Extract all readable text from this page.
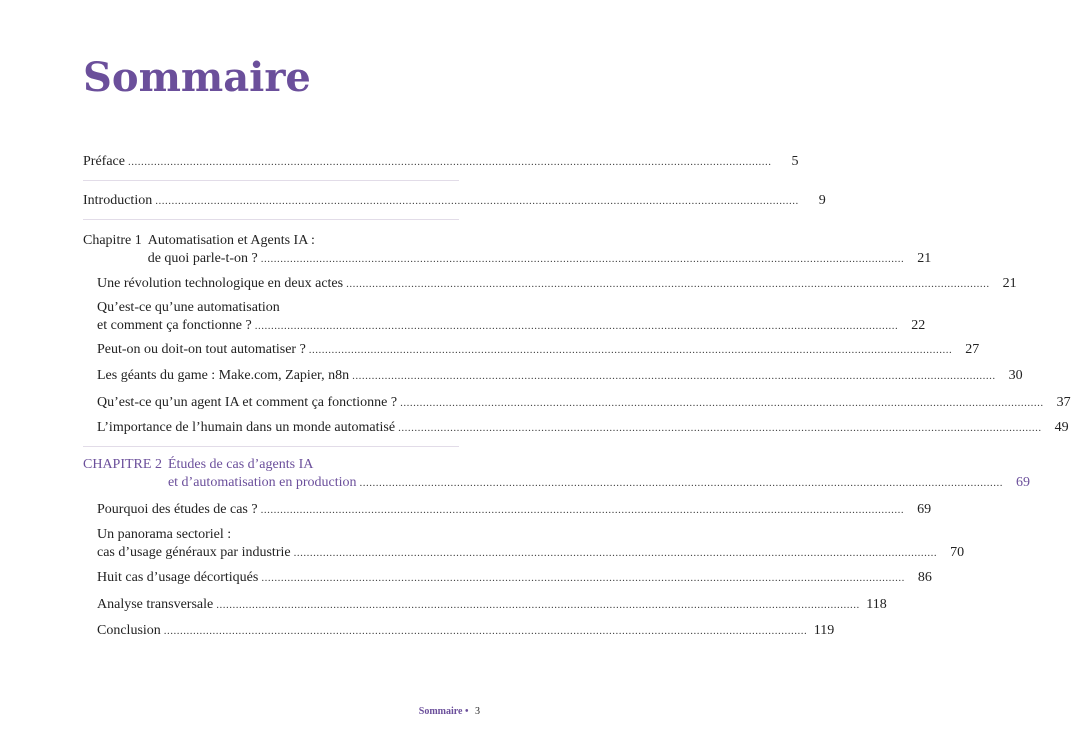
Sommaire
Préface .....	5
Introduction .....	9
Chapitre 1 Automatisation et Agents IA :
de quoi parle-t-on ? .....	21
Une révolution technologique en deux actes .....	21
Qu’est-ce qu’une automatisation
et comment ça fonctionne ? .....	22
Peut-on ou doit-on tout automatiser ? .....	27
Les géants du game : Make.com, Zapier, n8n .....	30
Qu’est-ce qu’un agent IA et comment ça fonctionne ? .....	37
L’importance de l’humain dans un monde automatisé .....	49
CHAPITRE 2 Études de cas d’agents IA
et d’automatisation en production .....	69
Pourquoi des études de cas ? .....	69
Un panorama sectoriel :
cas d’usage généraux par industrie .....	70
Huit cas d’usage décortiqués .....	86
Analyse transversale .....	118
Conclusion .....	119
Sommaire • 3
